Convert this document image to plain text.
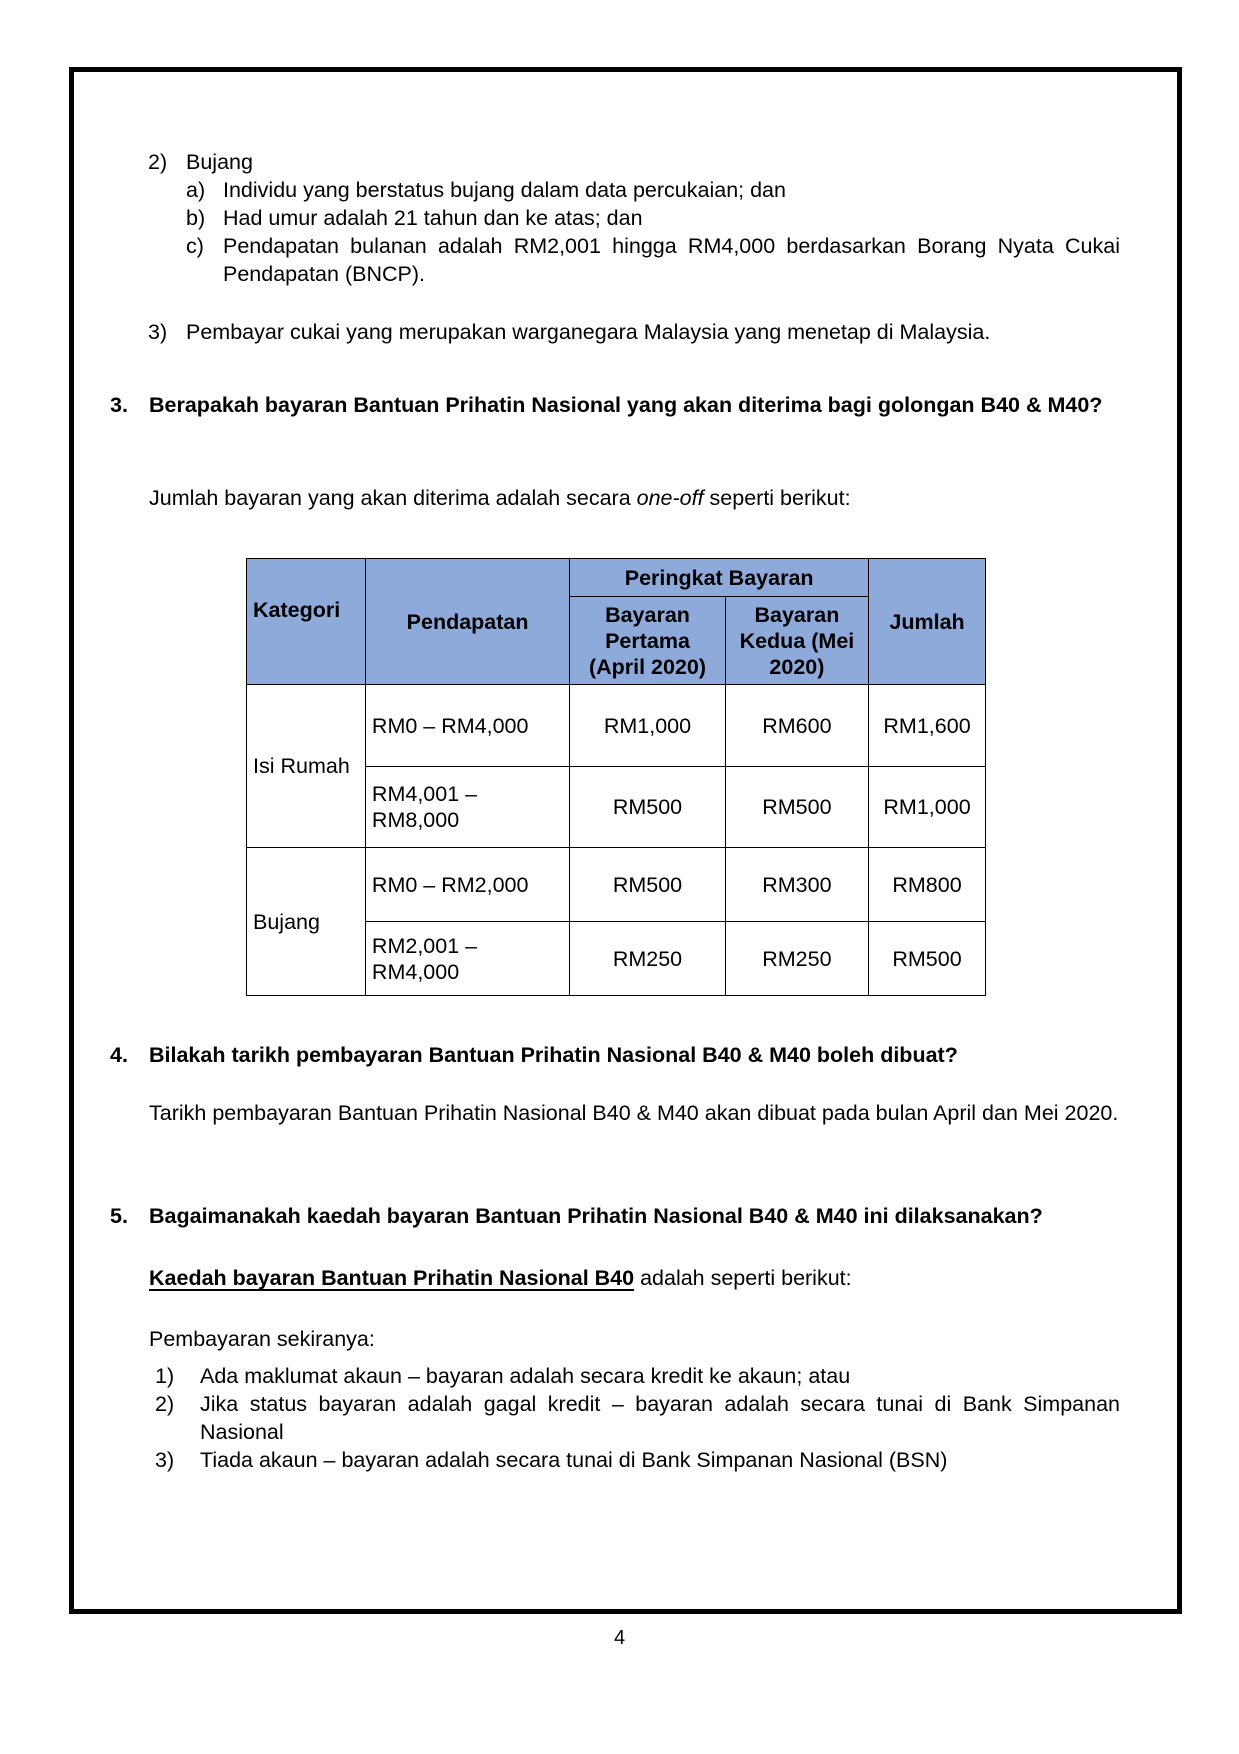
2) Bujang
a) Individu yang berstatus bujang dalam data percukaian; dan
b) Had umur adalah 21 tahun dan ke atas; dan
c) Pendapatan bulanan adalah RM2,001 hingga RM4,000 berdasarkan Borang Nyata Cukai Pendapatan (BNCP).
3) Pembayar cukai yang merupakan warganegara Malaysia yang menetap di Malaysia.
3. Berapakah bayaran Bantuan Prihatin Nasional yang akan diterima bagi golongan B40 & M40?
Jumlah bayaran yang akan diterima adalah secara one-off seperti berikut:
Kategori	Pendapatan	Peringkat Bayaran		Jumlah
		Bayaran Pertama (April 2020)	Bayaran Kedua (Mei 2020)	
Isi Rumah	RM0 – RM4,000	RM1,000	RM600	RM1,600
	RM4,001 – RM8,000	RM500	RM500	RM1,000
Bujang	RM0 – RM2,000	RM500	RM300	RM800
	RM2,001 – RM4,000	RM250	RM250	RM500
4. Bilakah tarikh pembayaran Bantuan Prihatin Nasional B40 & M40 boleh dibuat?
Tarikh pembayaran Bantuan Prihatin Nasional B40 & M40 akan dibuat pada bulan April dan Mei 2020.
5. Bagaimanakah kaedah bayaran Bantuan Prihatin Nasional B40 & M40 ini dilaksanakan?
Kaedah bayaran Bantuan Prihatin Nasional B40 adalah seperti berikut:
Pembayaran sekiranya:
1) Ada maklumat akaun – bayaran adalah secara kredit ke akaun; atau
2) Jika status bayaran adalah gagal kredit – bayaran adalah secara tunai di Bank Simpanan Nasional
3) Tiada akaun – bayaran adalah secara tunai di Bank Simpanan Nasional (BSN)
4
